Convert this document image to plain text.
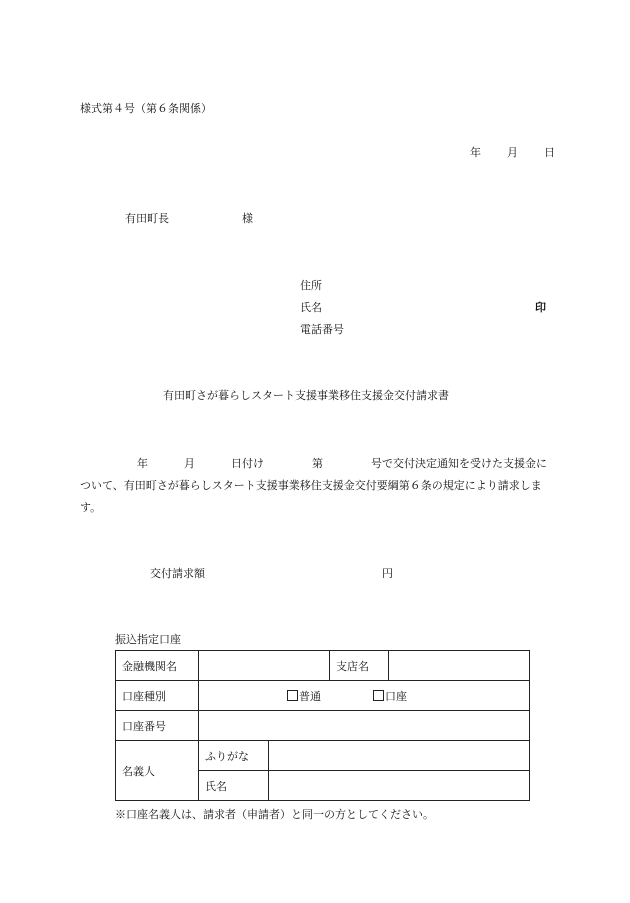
様式第４号（第６条関係）
年 月 日
有田町長	様
住所
氏名	印
電話番号
有田町さが暮らしスタート支援事業移住支援金交付請求書
年	月	日付け	第	号で交付決定通知を受けた支援金について、有田町さが暮らしスタート支援事業移住支援金交付要綱第６条の規定により請求します。
交付請求額	円
振込指定口座
金融機関名			支店名	
口座種別	普通 口座			
口座番号				
名義人	ふりがな			
	氏名			
※口座名義人は、請求者（申請者）と同一の方としてください。
